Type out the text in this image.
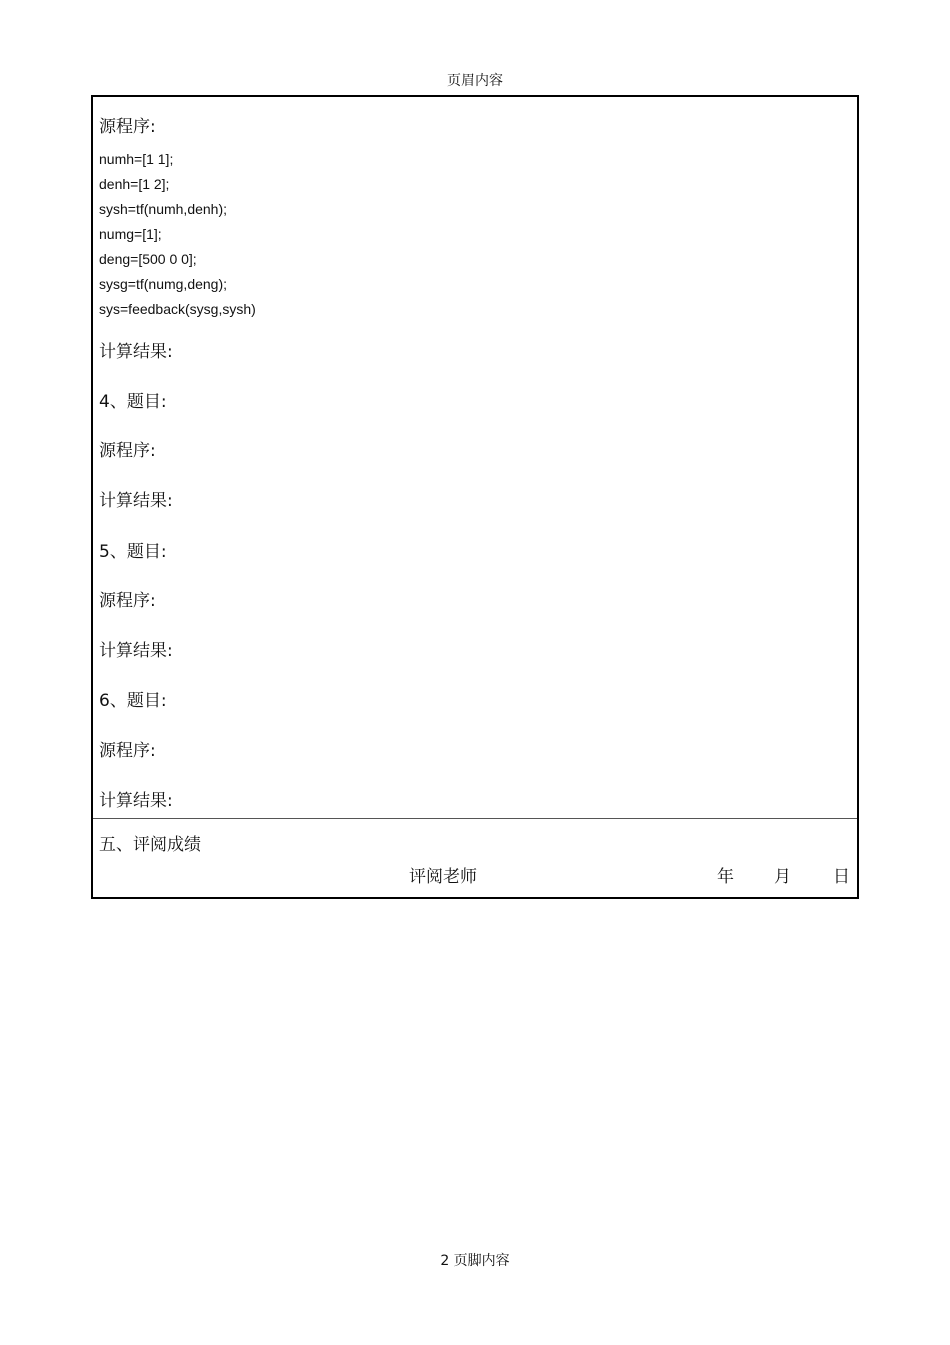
页眉内容
源程序:
numh=[1 1];
denh=[1 2];
sysh=tf(numh,denh);
numg=[1];
deng=[500 0 0];
sysg=tf(numg,deng);
sys=feedback(sysg,sysh)
计算结果:
4、题目:
源程序:
计算结果:
5、题目:
源程序:
计算结果:
6、题目:
源程序:
计算结果:
五、评阅成绩
评阅老师	年 月 日
2 页脚内容
